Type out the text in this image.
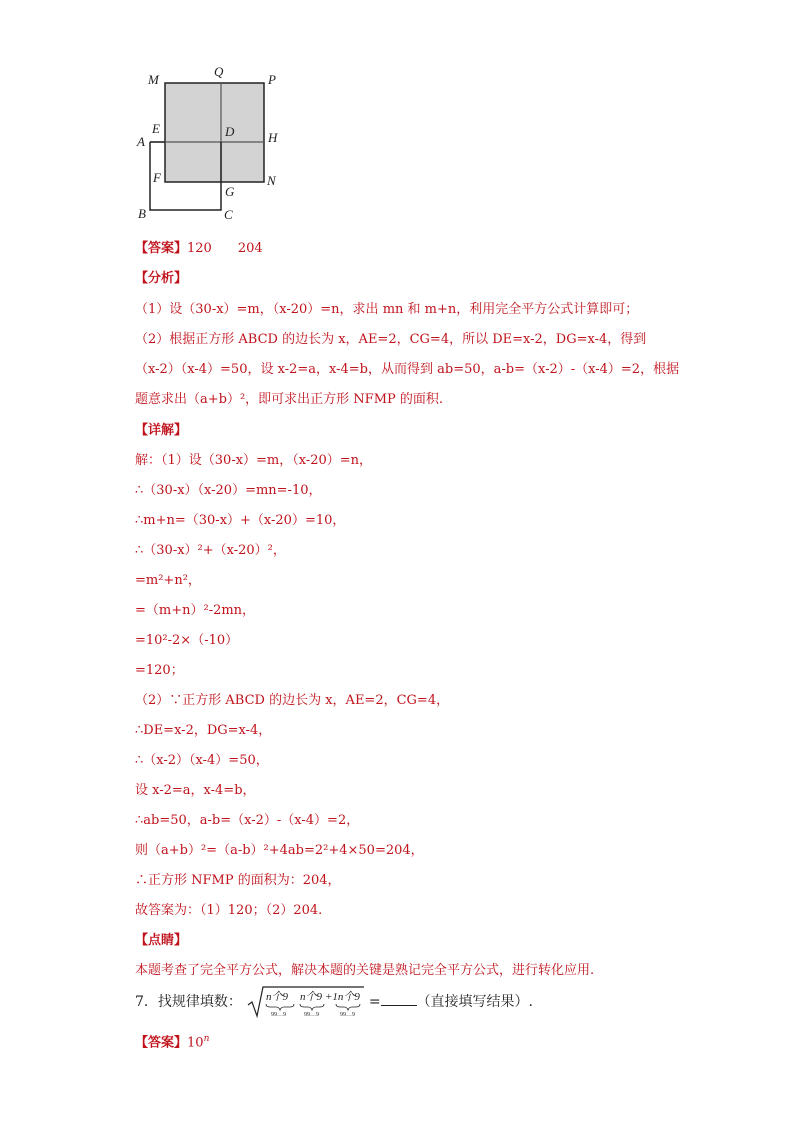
M
Q
P
A
E	D	H
F
G
N
B	C
【答案】120　　204
【分析】
（1）设（30-x）=m，（x-20）=n，求出 mn 和 m+n，利用完全平方公式计算即可；
（2）根据正方形 ABCD 的边长为 x，AE=2，CG=4，所以 DE=x-2，DG=x-4，得到
（x-2）（x-4）=50，设 x-2=a，x-4=b，从而得到 ab=50，a-b=（x-2）-（x-4）=2，根据
题意求出（a+b）²，即可求出正方形 NFMP 的面积.
【详解】
解：（1）设（30-x）=m，（x-20）=n，
∴（30-x）（x-20）=mn=-10，
∴m+n=（30-x）+（x-20）=10，
∴（30-x）²+（x-20）²，
=m²+n²，
=（m+n）²-2mn，
=10²-2×（-10）
=120；
（2）∵正方形 ABCD 的边长为 x，AE=2，CG=4，
∴DE=x-2，DG=x-4，
∴（x-2）（x-4）=50，
设 x-2=a，x-4=b，
∴ab=50，a-b=（x-2）-（x-4）=2，
则（a+b）²=（a-b）²+4ab=2²+4×50=204，
∴正方形 NFMP 的面积为：204，
故答案为：（1）120；（2）204.
【点睛】
本题考查了完全平方公式，解决本题的关键是熟记完全平方公式，进行转化应用.
7．找规律填数： n个9
99…9
n个9
99…9
+1n个9
99…9
=	（直接填写结果）.
【答案】10$^n$
